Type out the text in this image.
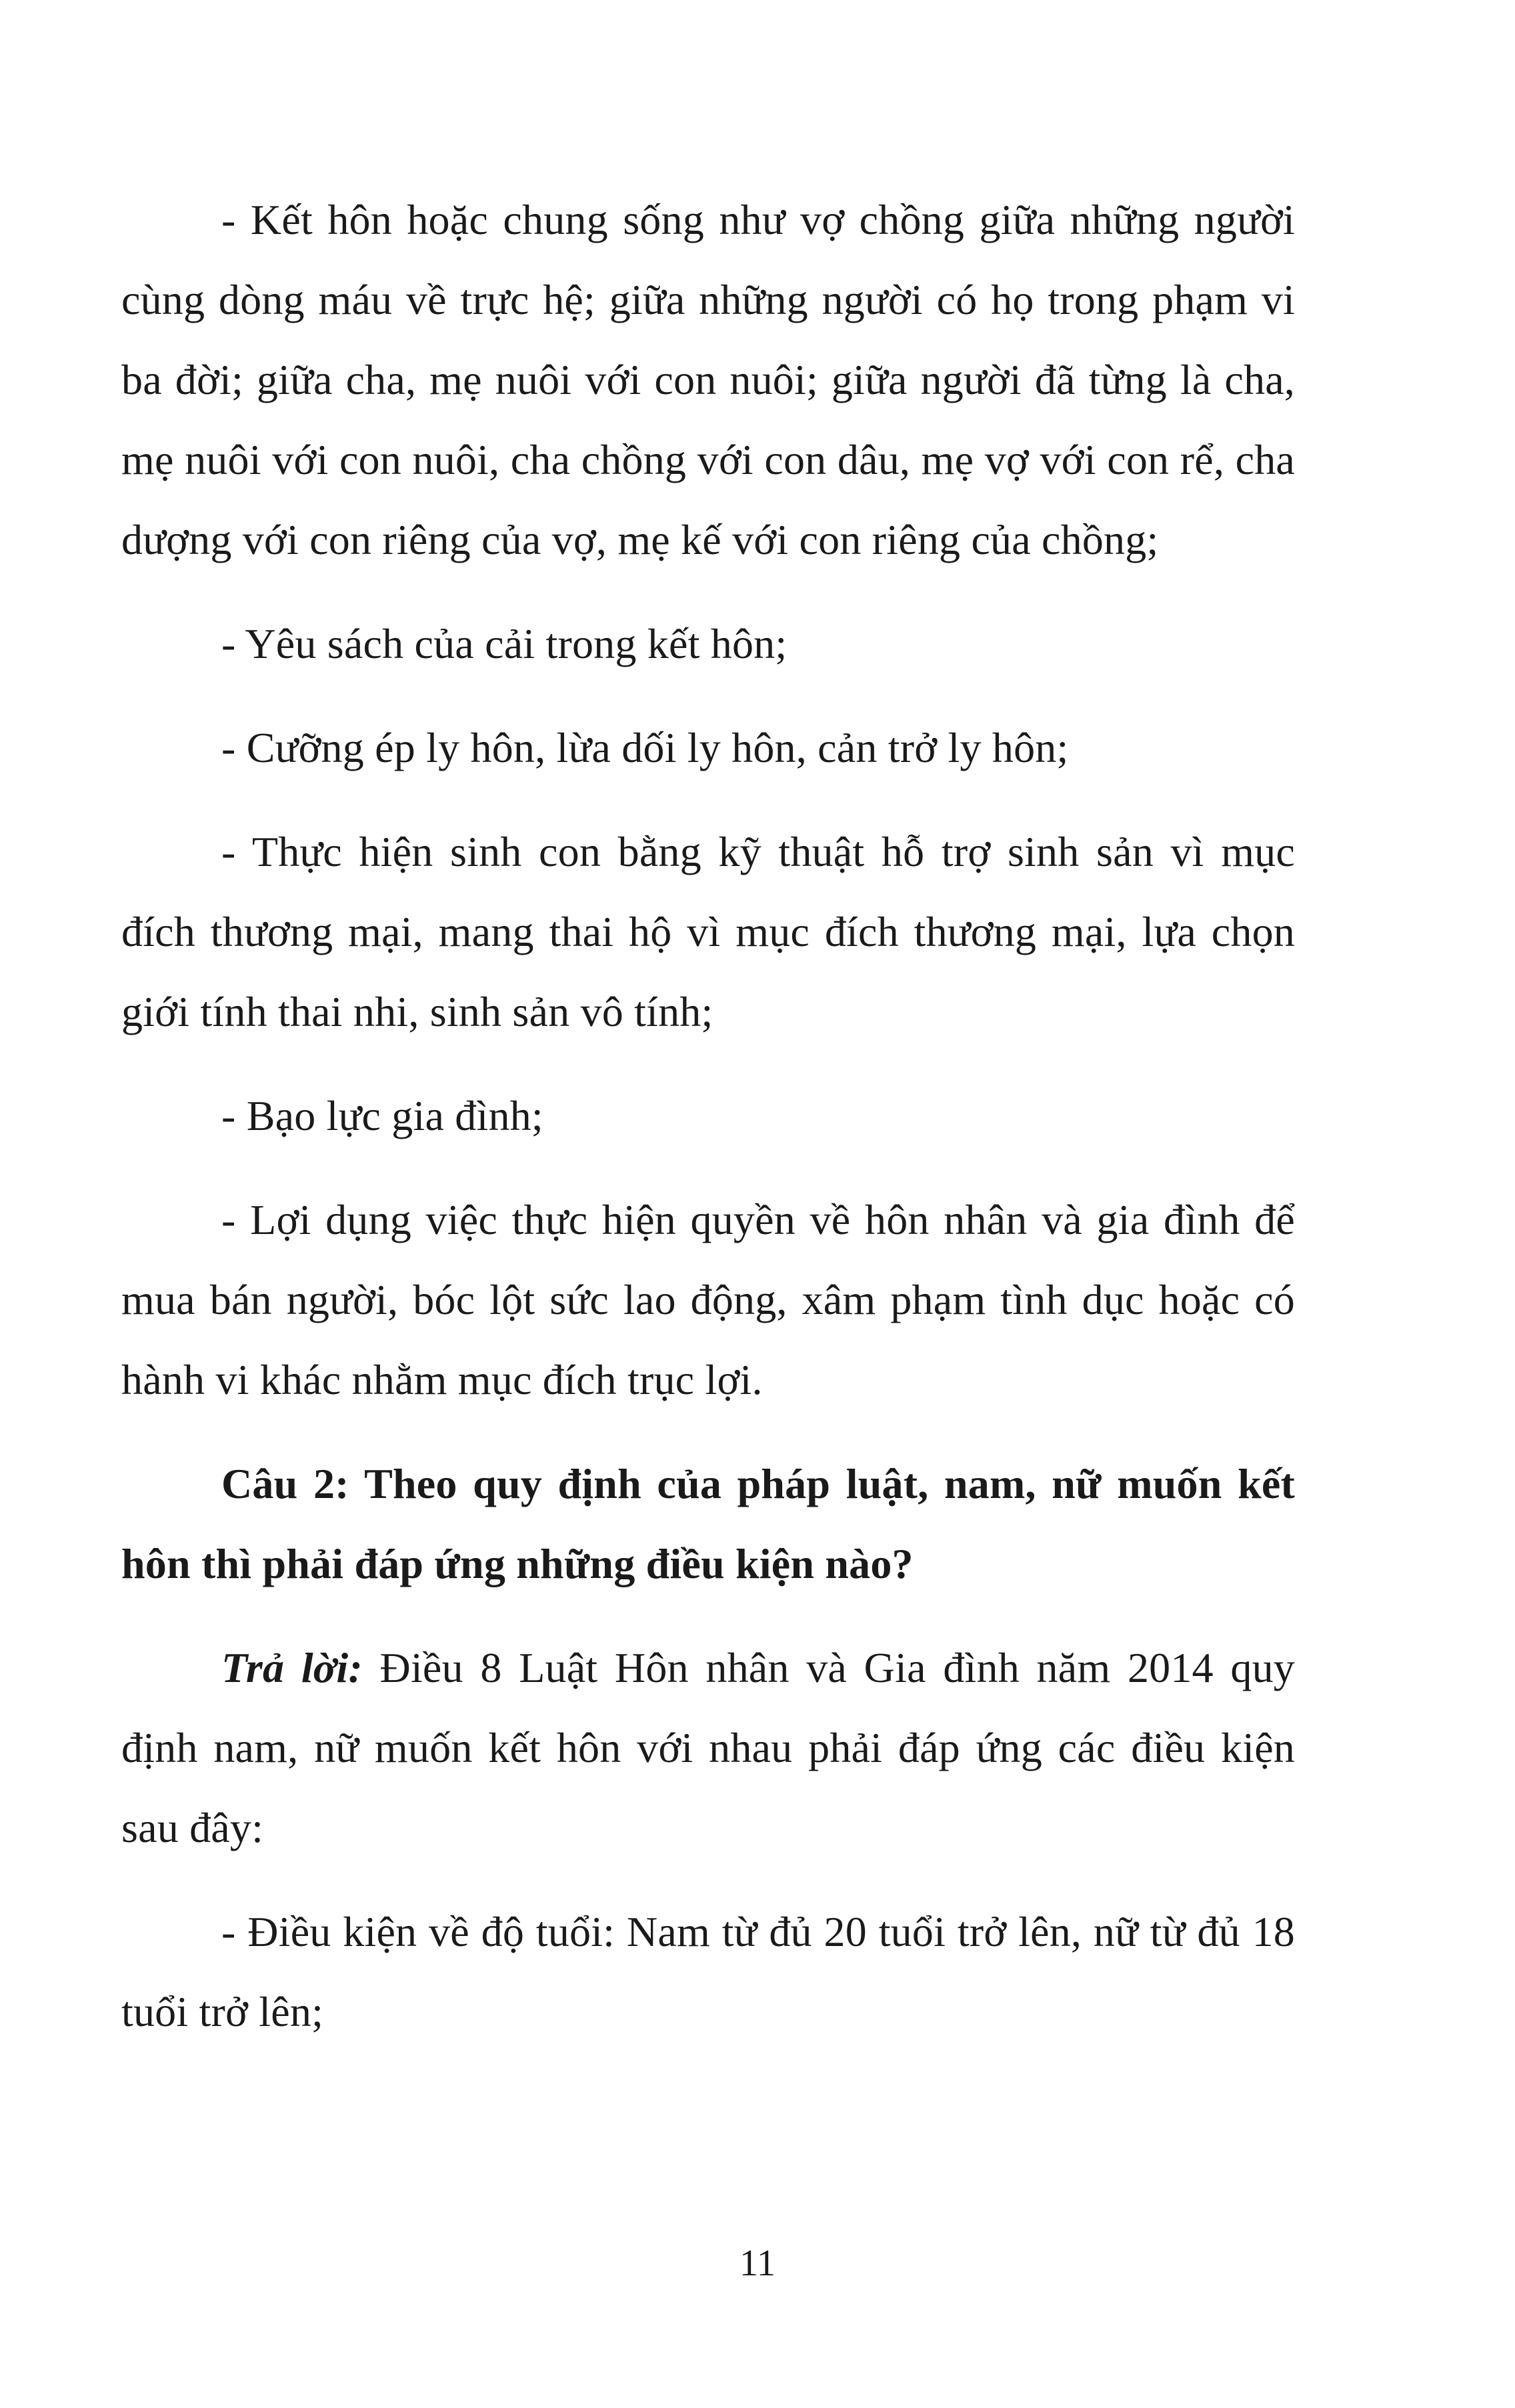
- Kết hôn hoặc chung sống như vợ chồng giữa những người cùng dòng máu về trực hệ; giữa những người có họ trong phạm vi ba đời; giữa cha, mẹ nuôi với con nuôi; giữa người đã từng là cha, mẹ nuôi với con nuôi, cha chồng với con dâu, mẹ vợ với con rể, cha dượng với con riêng của vợ, mẹ kế với con riêng của chồng;

- Yêu sách của cải trong kết hôn;

- Cưỡng ép ly hôn, lừa dối ly hôn, cản trở ly hôn;

- Thực hiện sinh con bằng kỹ thuật hỗ trợ sinh sản vì mục đích thương mại, mang thai hộ vì mục đích thương mại, lựa chọn giới tính thai nhi, sinh sản vô tính;

- Bạo lực gia đình;

- Lợi dụng việc thực hiện quyền về hôn nhân và gia đình để mua bán người, bóc lột sức lao động, xâm phạm tình dục hoặc có hành vi khác nhằm mục đích trục lợi.

Câu 2: Theo quy định của pháp luật, nam, nữ muốn kết hôn thì phải đáp ứng những điều kiện nào?

Trả lời: Điều 8 Luật Hôn nhân và Gia đình năm 2014 quy định nam, nữ muốn kết hôn với nhau phải đáp ứng các điều kiện sau đây:

- Điều kiện về độ tuổi: Nam từ đủ 20 tuổi trở lên, nữ từ đủ 18 tuổi trở lên;

11
